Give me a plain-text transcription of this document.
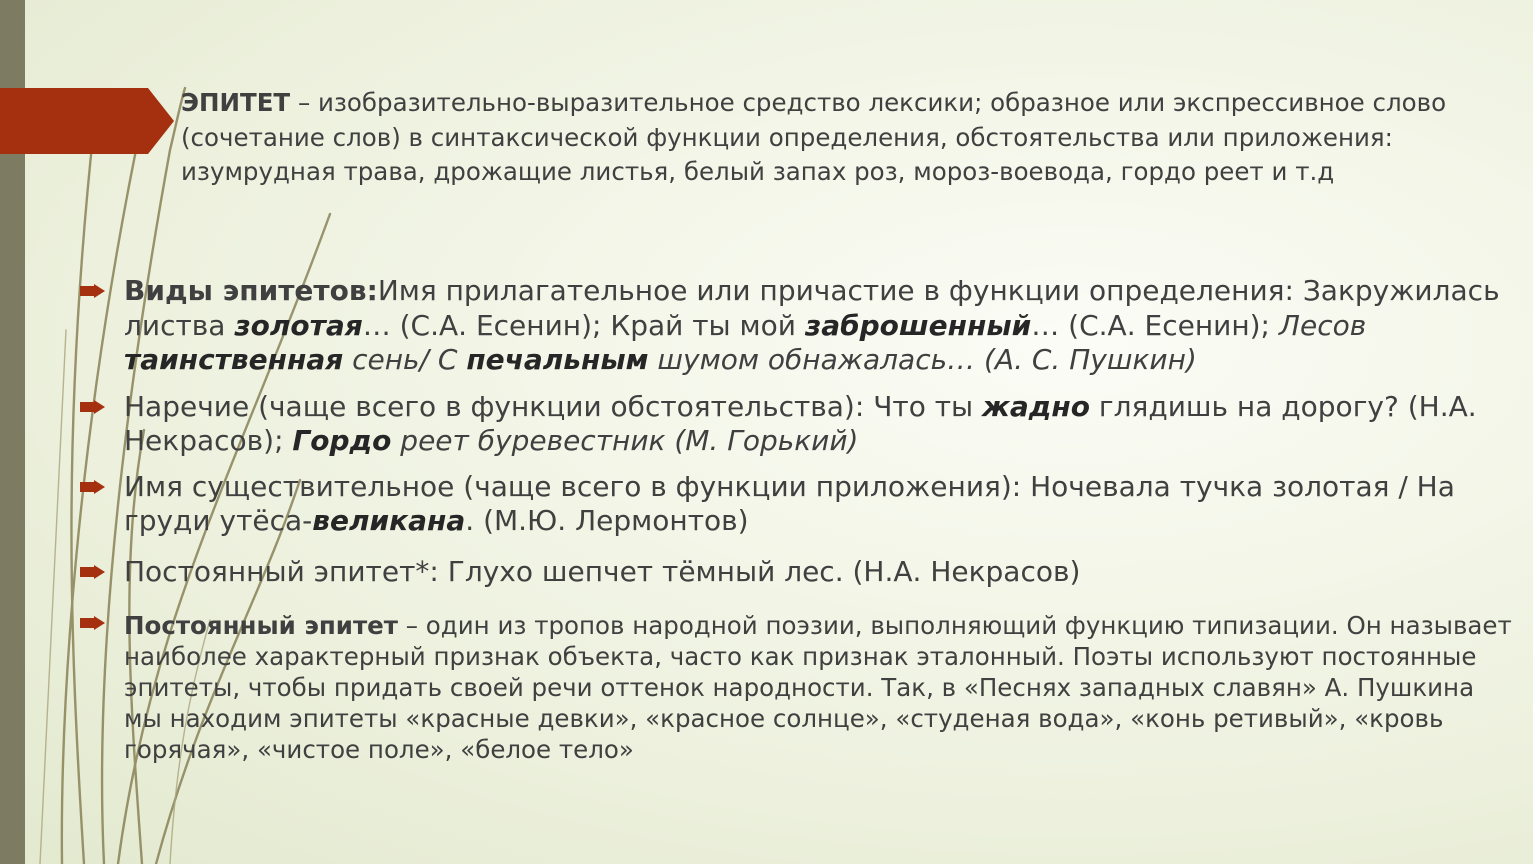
ЭПИТЕТ – изобразительно-выразительное средство лексики; образное или экспрессивное слово (сочетание слов) в синтаксической функции определения, обстоятельства или приложения: изумрудная трава, дрожащие листья, белый запах роз, мороз-воевода, гордо реет и т.д

Виды эпитетов:Имя прилагательное или причастие в функции определения: Закружилась листва золотая… (С.А. Есенин); Край ты мой заброшенный… (С.А. Есенин); Лесов таинственная сень/ С печальным шумом обнажалась… (А. С. Пушкин)
Наречие (чаще всего в функции обстоятельства): Что ты жадно глядишь на дорогу? (Н.А. Некрасов); Гордо реет буревестник (М. Горький)
Имя существительное (чаще всего в функции приложения): Ночевала тучка золотая / На груди утёса-великана. (М.Ю. Лермонтов)
Постоянный эпитет*: Глухо шепчет тёмный лес. (Н.А. Некрасов)
Постоянный эпитет – один из тропов народной поэзии, выполняющий функцию типизации. Он называет наиболее характерный признак объекта, часто как признак эталонный. Поэты используют постоянные эпитеты, чтобы придать своей речи оттенок народности. Так, в «Песнях западных славян» А. Пушкина мы находим эпитеты «красные девки», «красное солнце», «студеная вода», «конь ретивый», «кровь горячая», «чистое поле», «белое тело»
